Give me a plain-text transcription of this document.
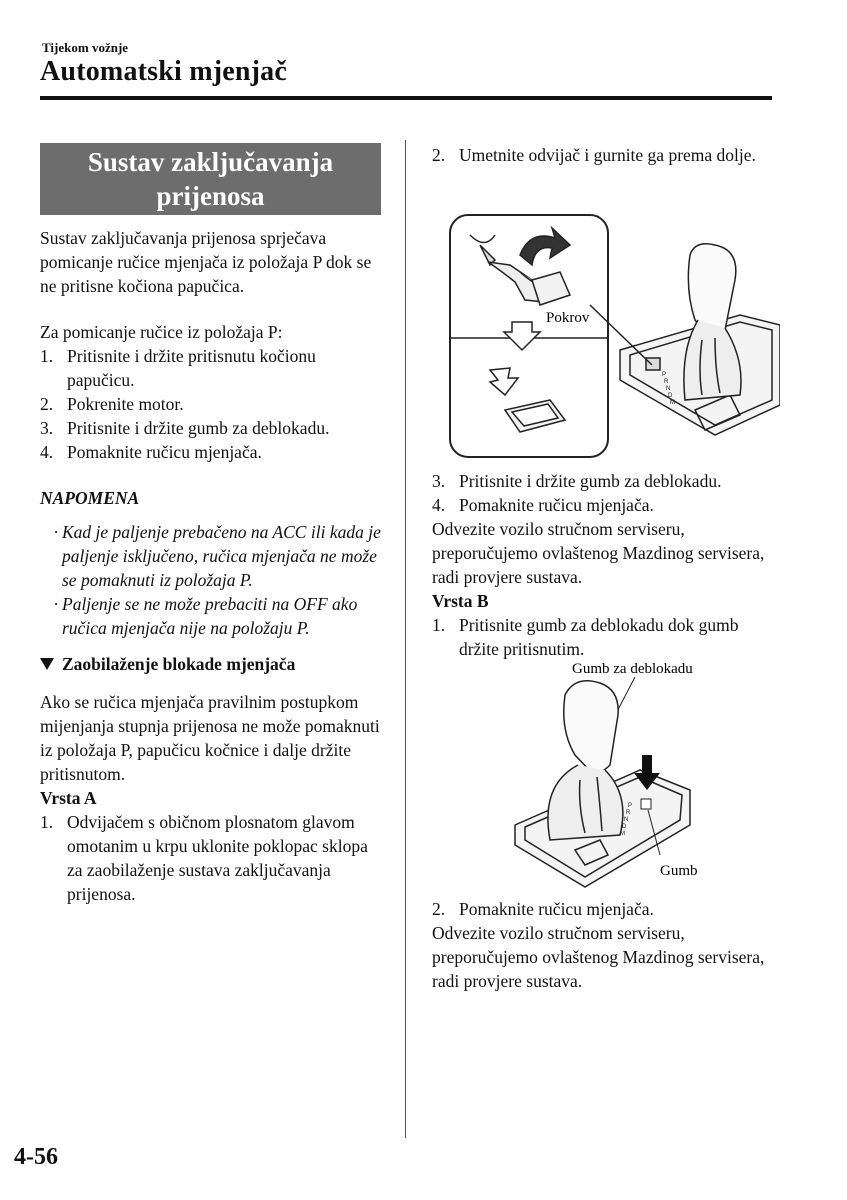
Tijekom vožnje
Automatski mjenjač
Sustav zaključavanja prijenosa

Sustav zaključavanja prijenosa sprječava pomicanje ručice mjenjača iz položaja P dok se ne pritisne kočiona papučica.

Za pomicanje ručice iz položaja P:

1. Pritisnite i držite pritisnutu kočionu papučicu.
2. Pokrenite motor.
3. Pritisnite i držite gumb za deblokadu.
4. Pomaknite ručicu mjenjača.

NAPOMENA

· Kad je paljenje prebačeno na ACC ili kada je paljenje isključeno, ručica mjenjača ne može se pomaknuti iz položaja P.
· Paljenje se ne može prebaciti na OFF ako ručica mjenjača nije na položaju P.
Zaobilaženje blokade mjenjača

Ako se ručica mjenjača pravilnim postupkom mijenjanja stupnja prijenosa ne može pomaknuti iz položaja P, papučicu kočnice i dalje držite pritisnutom.

Vrsta A

1. Odvijačem s običnom plosnatom glavom omotanim u krpu uklonite poklopac sklopa za zaobilaženje sustava zaključavanja prijenosa.
2. Umetnite odvijač i gurnite ga prema dolje.
P
R
N
D
M
Pokrov
3. Pritisnite i držite gumb za deblokadu.
4. Pomaknite ručicu mjenjača.

Odvezite vozilo stručnom serviseru, preporučujemo ovlaštenog Mazdinog servisera, radi provjere sustava.

Vrsta B

1. Pritisnite gumb za deblokadu dok gumb držite pritisnutim.
Gumb za deblokadu
P
R
N
D
M
Gumb
2. Pomaknite ručicu mjenjača.

Odvezite vozilo stručnom serviseru, preporučujemo ovlaštenog Mazdinog servisera, radi provjere sustava.

4-56
